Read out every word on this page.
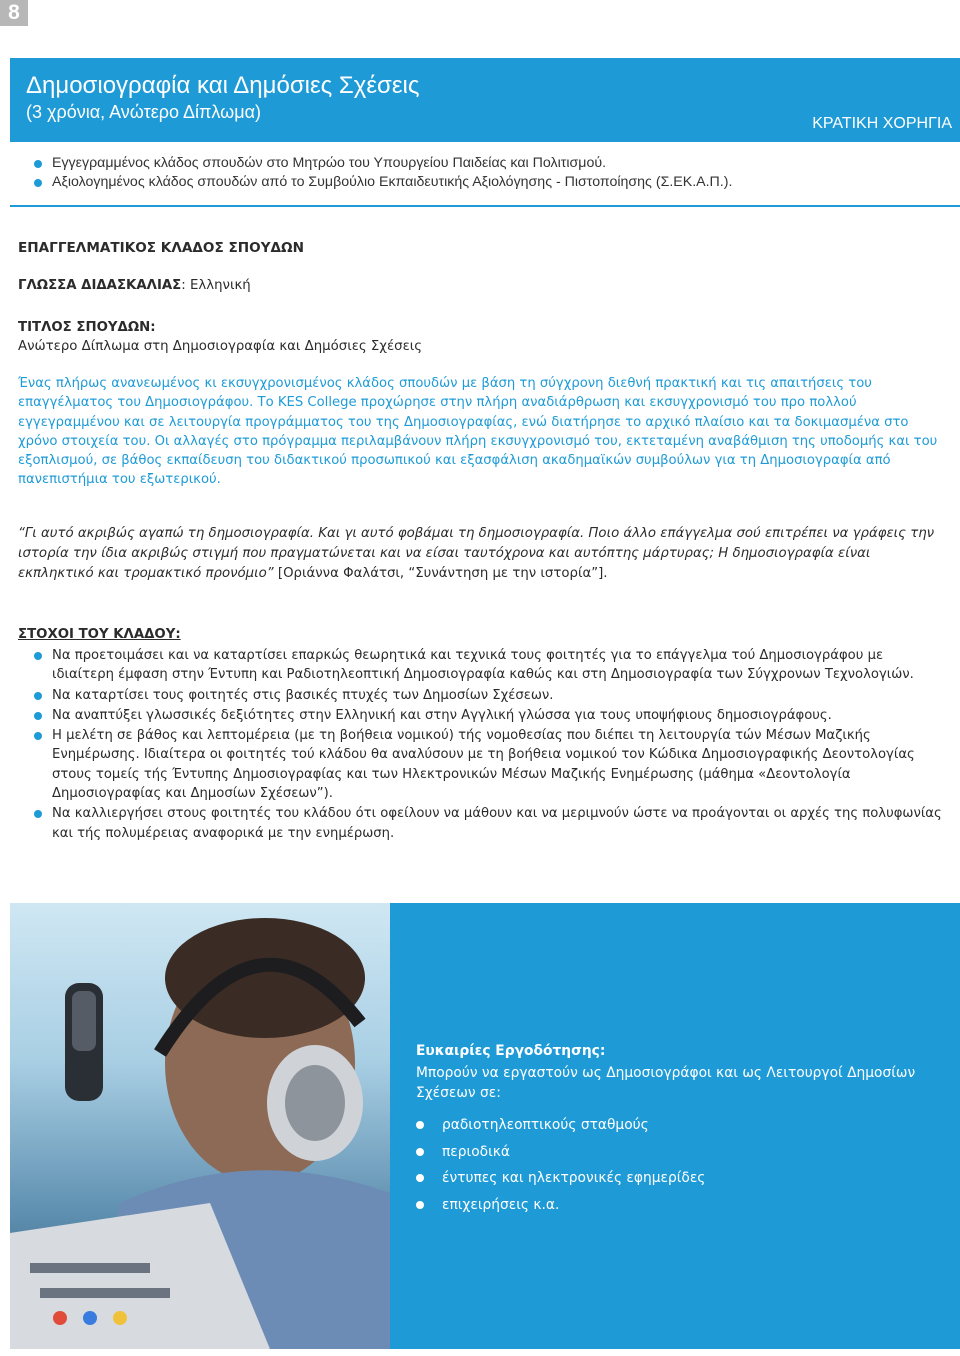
8
Δημοσιογραφία και Δημόσιες Σχέσεις
(3 χρόνια, Ανώτερο Δίπλωμα)
ΚΡΑΤΙΚΗ ΧΟΡΗΓΙΑ
Εγγεγραμμένος κλάδος σπουδών στο Μητρώο του Υπουργείου Παιδείας και Πολιτισμού.
Αξιολογημένος κλάδος σπουδών από το Συμβούλιο Εκπαιδευτικής Αξιολόγησης - Πιστοποίησης (Σ.ΕΚ.Α.Π.).
ΕΠΑΓΓΕΛΜΑΤΙΚΟΣ ΚΛΑΔΟΣ ΣΠΟΥΔΩΝ
ΓΛΩΣΣΑ ΔΙΔΑΣΚΑΛΙΑΣ: Ελληνική
ΤΙΤΛΟΣ ΣΠΟΥΔΩΝ:
Ανώτερο Δίπλωμα στη Δημοσιογραφία και Δημόσιες Σχέσεις
Ένας πλήρως ανανεωμένος κι εκσυγχρονισμένος κλάδος σπουδών με βάση τη σύγχρονη διεθνή πρακτική και τις απαιτήσεις του επαγγέλματος του Δημοσιογράφου. Το KES College προχώρησε στην πλήρη αναδιάρθρωση και εκσυγχρονισμό του προ πολλού εγγεγραμμένου και σε λειτουργία προγράμματος του της Δημοσιογραφίας, ενώ διατήρησε το αρχικό πλαίσιο και τα δοκιμασμένα στο χρόνο στοιχεία του. Οι αλλαγές στο πρόγραμμα περιλαμβάνουν πλήρη εκσυγχρονισμό του, εκτεταμένη αναβάθμιση της υποδομής και του εξοπλισμού, σε βάθος εκπαίδευση του διδακτικού προσωπικού και εξασφάλιση ακαδημαϊκών συμβούλων για τη Δημοσιογραφία από πανεπιστήμια του εξωτερικού.
“Γι αυτό ακριβώς αγαπώ τη δημοσιογραφία. Και γι αυτό φοβάμαι τη δημοσιογραφία. Ποιο άλλο επάγγελμα σού επιτρέπει να γράφεις την ιστορία την ίδια ακριβώς στιγμή που πραγματώνεται και να είσαι ταυτόχρονα και αυτόπτης μάρτυρας; Η δημοσιογραφία είναι εκπληκτικό και τρομακτικό προνόμιο” [Οριάννα Φαλάτσι, “Συνάντηση με την ιστορία”].
ΣΤΟΧΟΙ ΤΟΥ ΚΛΑΔΟΥ:
Να προετοιμάσει και να καταρτίσει επαρκώς θεωρητικά και τεχνικά τους φοιτητές για το επάγγελμα τού Δημοσιογράφου με ιδιαίτερη έμφαση στην Έντυπη και Ραδιοτηλεοπτική Δημοσιογραφία καθώς και στη Δημοσιογραφία των Σύγχρονων Τεχνολογιών.
Να καταρτίσει τους φοιτητές στις βασικές πτυχές των Δημοσίων Σχέσεων.
Να αναπτύξει γλωσσικές δεξιότητες στην Ελληνική και στην Αγγλική γλώσσα για τους υποψήφιους δημοσιογράφους.
Η μελέτη σε βάθος και λεπτομέρεια (με τη βοήθεια νομικού) τής νομοθεσίας που διέπει τη λειτουργία τών Μέσων Μαζικής Ενημέρωσης. Ιδιαίτερα οι φοιτητές τού κλάδου θα αναλύσουν με τη βοήθεια νομικού τον Κώδικα Δημοσιογραφικής Δεοντολογίας στους τομείς τής Έντυπης Δημοσιογραφίας και των Ηλεκτρονικών Μέσων Μαζικής Ενημέρωσης (μάθημα «Δεοντολογία Δημοσιογραφίας και Δημοσίων Σχέσεων”).
Να καλλιεργήσει στους φοιτητές του κλάδου ότι οφείλουν να μάθουν και να μεριμνούν ώστε να προάγονται οι αρχές της πολυφωνίας και τής πολυμέρειας αναφορικά με την ενημέρωση.
Ευκαιρίες Εργοδότησης:
Μπορούν να εργαστούν ως Δημοσιογράφοι και ως Λειτουργοί Δημοσίων Σχέσεων σε:
ραδιοτηλεοπτικούς σταθμούς
περιοδικά
έντυπες και ηλεκτρονικές εφημερίδες
επιχειρήσεις κ.α.
